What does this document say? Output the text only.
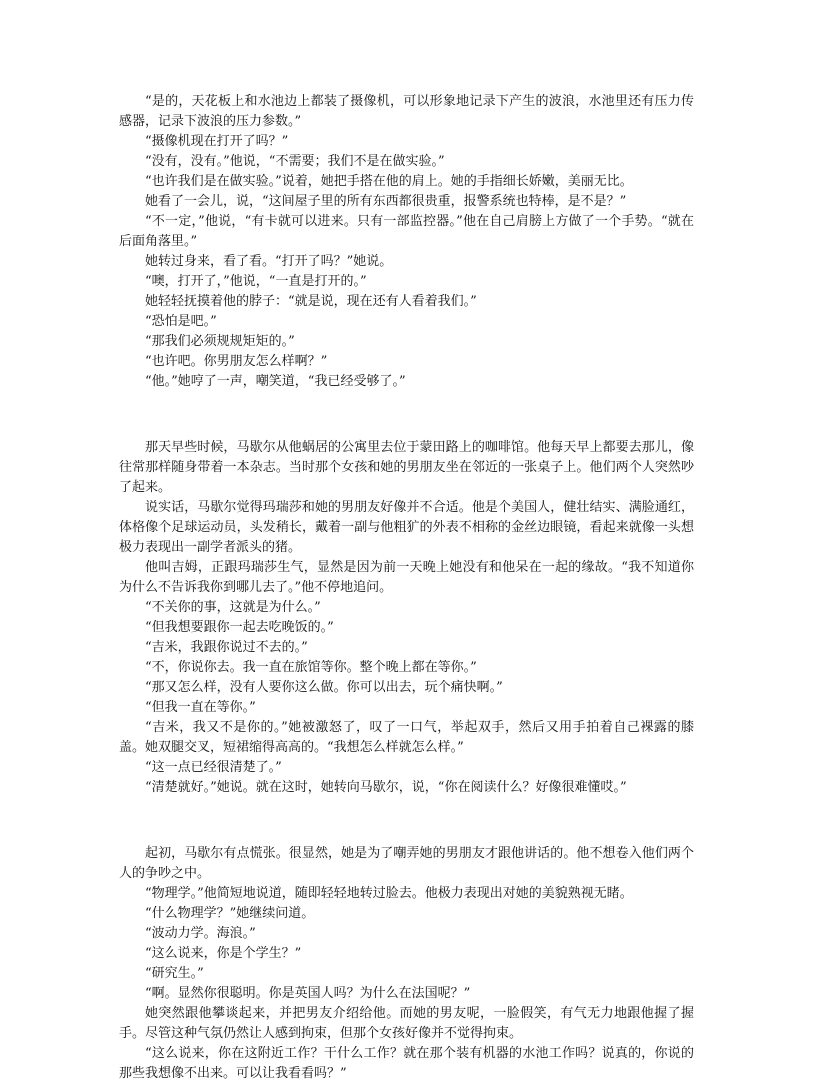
“是的，天花板上和水池边上都装了摄像机，可以形象地记录下产生的波浪，水池里还有压力传感器，记录下波浪的压力参数。”

“摄像机现在打开了吗？”

“没有，没有。”他说，“不需要；我们不是在做实验。”

“也许我们是在做实验。”说着，她把手搭在他的肩上。她的手指细长娇嫩，美丽无比。

她看了一会儿，说，“这间屋子里的所有东西都很贵重，报警系统也特棒，是不是？”

“不一定，”他说，“有卡就可以进来。只有一部监控器。”他在自己肩膀上方做了一个手势。“就在后面角落里。”

她转过身来，看了看。“打开了吗？”她说。

“噢，打开了，”他说，“一直是打开的。”

她轻轻抚摸着他的脖子：“就是说，现在还有人看着我们。”

“恐怕是吧。”

“那我们必须规规矩矩的。”

“也许吧。你男朋友怎么样啊？”

“他。”她哼了一声，嘲笑道，“我已经受够了。”

那天早些时候，马歇尔从他蜗居的公寓里去位于蒙田路上的咖啡馆。他每天早上都要去那儿，像往常那样随身带着一本杂志。当时那个女孩和她的男朋友坐在邻近的一张桌子上。他们两个人突然吵了起来。

说实话，马歇尔觉得玛瑞莎和她的男朋友好像并不合适。他是个美国人，健壮结实、满脸通红，体格像个足球运动员，头发稍长，戴着一副与他粗犷的外表不相称的金丝边眼镜，看起来就像一头想极力表现出一副学者派头的猪。

他叫吉姆，正跟玛瑞莎生气，显然是因为前一天晚上她没有和他呆在一起的缘故。“我不知道你为什么不告诉我你到哪儿去了。”他不停地追问。

“不关你的事，这就是为什么。”

“但我想要跟你一起去吃晚饭的。”

“吉米，我跟你说过不去的。”

“不，你说你去。我一直在旅馆等你。整个晚上都在等你。”

“那又怎么样，没有人要你这么做。你可以出去，玩个痛快啊。”

“但我一直在等你。”

“吉米，我又不是你的。”她被激怒了，叹了一口气，举起双手，然后又用手拍着自己裸露的膝盖。她双腿交叉，短裙缩得高高的。“我想怎么样就怎么样。”

“这一点已经很清楚了。”

“清楚就好。”她说。就在这时，她转向马歇尔，说，“你在阅读什么？好像很难懂哎。”

起初，马歇尔有点慌张。很显然，她是为了嘲弄她的男朋友才跟他讲话的。他不想卷入他们两个人的争吵之中。

“物理学。”他简短地说道，随即轻轻地转过脸去。他极力表现出对她的美貌熟视无睹。

“什么物理学？”她继续问道。

“波动力学。海浪。”

“这么说来，你是个学生？”

“研究生。”

“啊。显然你很聪明。你是英国人吗？为什么在法国呢？”

她突然跟他攀谈起来，并把男友介绍给他。而她的男友呢，一脸假笑，有气无力地跟他握了握手。尽管这种气氛仍然让人感到拘束，但那个女孩好像并不觉得拘束。

“这么说来，你在这附近工作？干什么工作？就在那个装有机器的水池工作吗？说真的，你说的那些我想像不出来。可以让我看看吗？”
